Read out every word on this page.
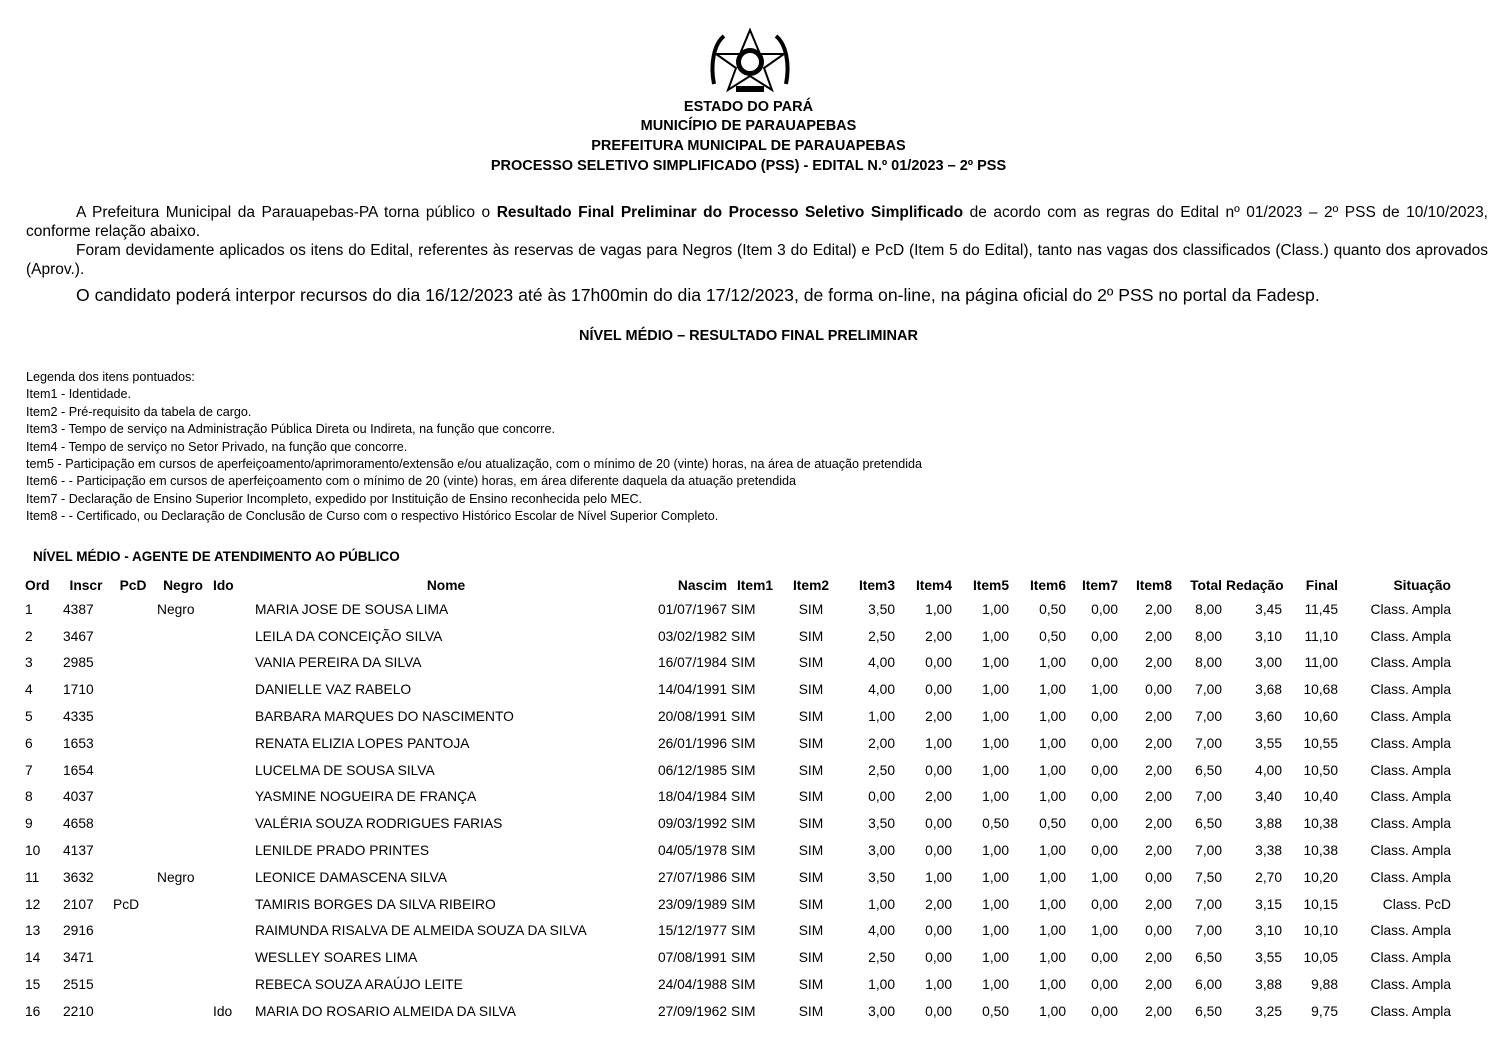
ESTADO DO PARÁ
MUNICÍPIO DE PARAUAPEBAS
PREFEITURA MUNICIPAL DE PARAUAPEBAS
PROCESSO SELETIVO SIMPLIFICADO (PSS) - EDITAL N.º 01/2023 – 2º PSS
A Prefeitura Municipal da Parauapebas-PA torna público o Resultado Final Preliminar do Processo Seletivo Simplificado de acordo com as regras do Edital nº 01/2023 – 2º PSS de 10/10/2023, conforme relação abaixo.
Foram devidamente aplicados os itens do Edital, referentes às reservas de vagas para Negros (Item 3 do Edital) e PcD (Item 5 do Edital), tanto nas vagas dos classificados (Class.) quanto dos aprovados (Aprov.).
O candidato poderá interpor recursos do dia 16/12/2023 até às 17h00min do dia 17/12/2023, de forma on-line, na página oficial do 2º PSS no portal da Fadesp.
NÍVEL MÉDIO – RESULTADO FINAL PRELIMINAR
Legenda dos itens pontuados:
Item1 - Identidade.
Item2 - Pré-requisito da tabela de cargo.
Item3 - Tempo de serviço na Administração Pública Direta ou Indireta, na função que concorre.
Item4 - Tempo de serviço no Setor Privado, na função que concorre.
tem5 - Participação em cursos de aperfeiçoamento/aprimoramento/extensão e/ou atualização, com o mínimo de 20 (vinte) horas, na área de atuação pretendida
Item6 - - Participação em cursos de aperfeiçoamento com o mínimo de 20 (vinte) horas, em área diferente daquela da atuação pretendida
Item7 - Declaração de Ensino Superior Incompleto, expedido por Instituição de Ensino reconhecida pelo MEC.
Item8 - - Certificado, ou Declaração de Conclusão de Curso com o respectivo Histórico Escolar de Nível Superior Completo.
NÍVEL MÉDIO - AGENTE DE ATENDIMENTO AO PÚBLICO
Ord	Inscr	PcD	Negro	Ido	Nome	Nascim	Item1	Item2	Item3	Item4	Item5	Item6	Item7	Item8	Total	Redação	Final	Situação
1	4387		Negro		MARIA JOSE DE SOUSA LIMA	01/07/1967	SIM	SIM	3,50	1,00	1,00	0,50	0,00	2,00	8,00	3,45	11,45	Class. Ampla
2	3467				LEILA DA CONCEIÇÃO SILVA	03/02/1982	SIM	SIM	2,50	2,00	1,00	0,50	0,00	2,00	8,00	3,10	11,10	Class. Ampla
3	2985				VANIA PEREIRA DA SILVA	16/07/1984	SIM	SIM	4,00	0,00	1,00	1,00	0,00	2,00	8,00	3,00	11,00	Class. Ampla
4	1710				DANIELLE VAZ RABELO	14/04/1991	SIM	SIM	4,00	0,00	1,00	1,00	1,00	0,00	7,00	3,68	10,68	Class. Ampla
5	4335				BARBARA MARQUES DO NASCIMENTO	20/08/1991	SIM	SIM	1,00	2,00	1,00	1,00	0,00	2,00	7,00	3,60	10,60	Class. Ampla
6	1653				RENATA ELIZIA LOPES PANTOJA	26/01/1996	SIM	SIM	2,00	1,00	1,00	1,00	0,00	2,00	7,00	3,55	10,55	Class. Ampla
7	1654				LUCELMA DE SOUSA SILVA	06/12/1985	SIM	SIM	2,50	0,00	1,00	1,00	0,00	2,00	6,50	4,00	10,50	Class. Ampla
8	4037				YASMINE NOGUEIRA DE FRANÇA	18/04/1984	SIM	SIM	0,00	2,00	1,00	1,00	0,00	2,00	7,00	3,40	10,40	Class. Ampla
9	4658				VALÉRIA SOUZA RODRIGUES FARIAS	09/03/1992	SIM	SIM	3,50	0,00	0,50	0,50	0,00	2,00	6,50	3,88	10,38	Class. Ampla
10	4137				LENILDE PRADO PRINTES	04/05/1978	SIM	SIM	3,00	0,00	1,00	1,00	0,00	2,00	7,00	3,38	10,38	Class. Ampla
11	3632		Negro		LEONICE DAMASCENA SILVA	27/07/1986	SIM	SIM	3,50	1,00	1,00	1,00	1,00	0,00	7,50	2,70	10,20	Class. Ampla
12	2107	PcD			TAMIRIS BORGES DA SILVA RIBEIRO	23/09/1989	SIM	SIM	1,00	2,00	1,00	1,00	0,00	2,00	7,00	3,15	10,15	Class. PcD
13	2916				RAIMUNDA RISALVA DE ALMEIDA SOUZA DA SILVA	15/12/1977	SIM	SIM	4,00	0,00	1,00	1,00	1,00	0,00	7,00	3,10	10,10	Class. Ampla
14	3471				WESLLEY SOARES LIMA	07/08/1991	SIM	SIM	2,50	0,00	1,00	1,00	0,00	2,00	6,50	3,55	10,05	Class. Ampla
15	2515				REBECA SOUZA ARAÚJO LEITE	24/04/1988	SIM	SIM	1,00	1,00	1,00	1,00	0,00	2,00	6,00	3,88	9,88	Class. Ampla
16	2210			Ido	MARIA DO ROSARIO ALMEIDA DA SILVA	27/09/1962	SIM	SIM	3,00	0,00	0,50	1,00	0,00	2,00	6,50	3,25	9,75	Class. Ampla
